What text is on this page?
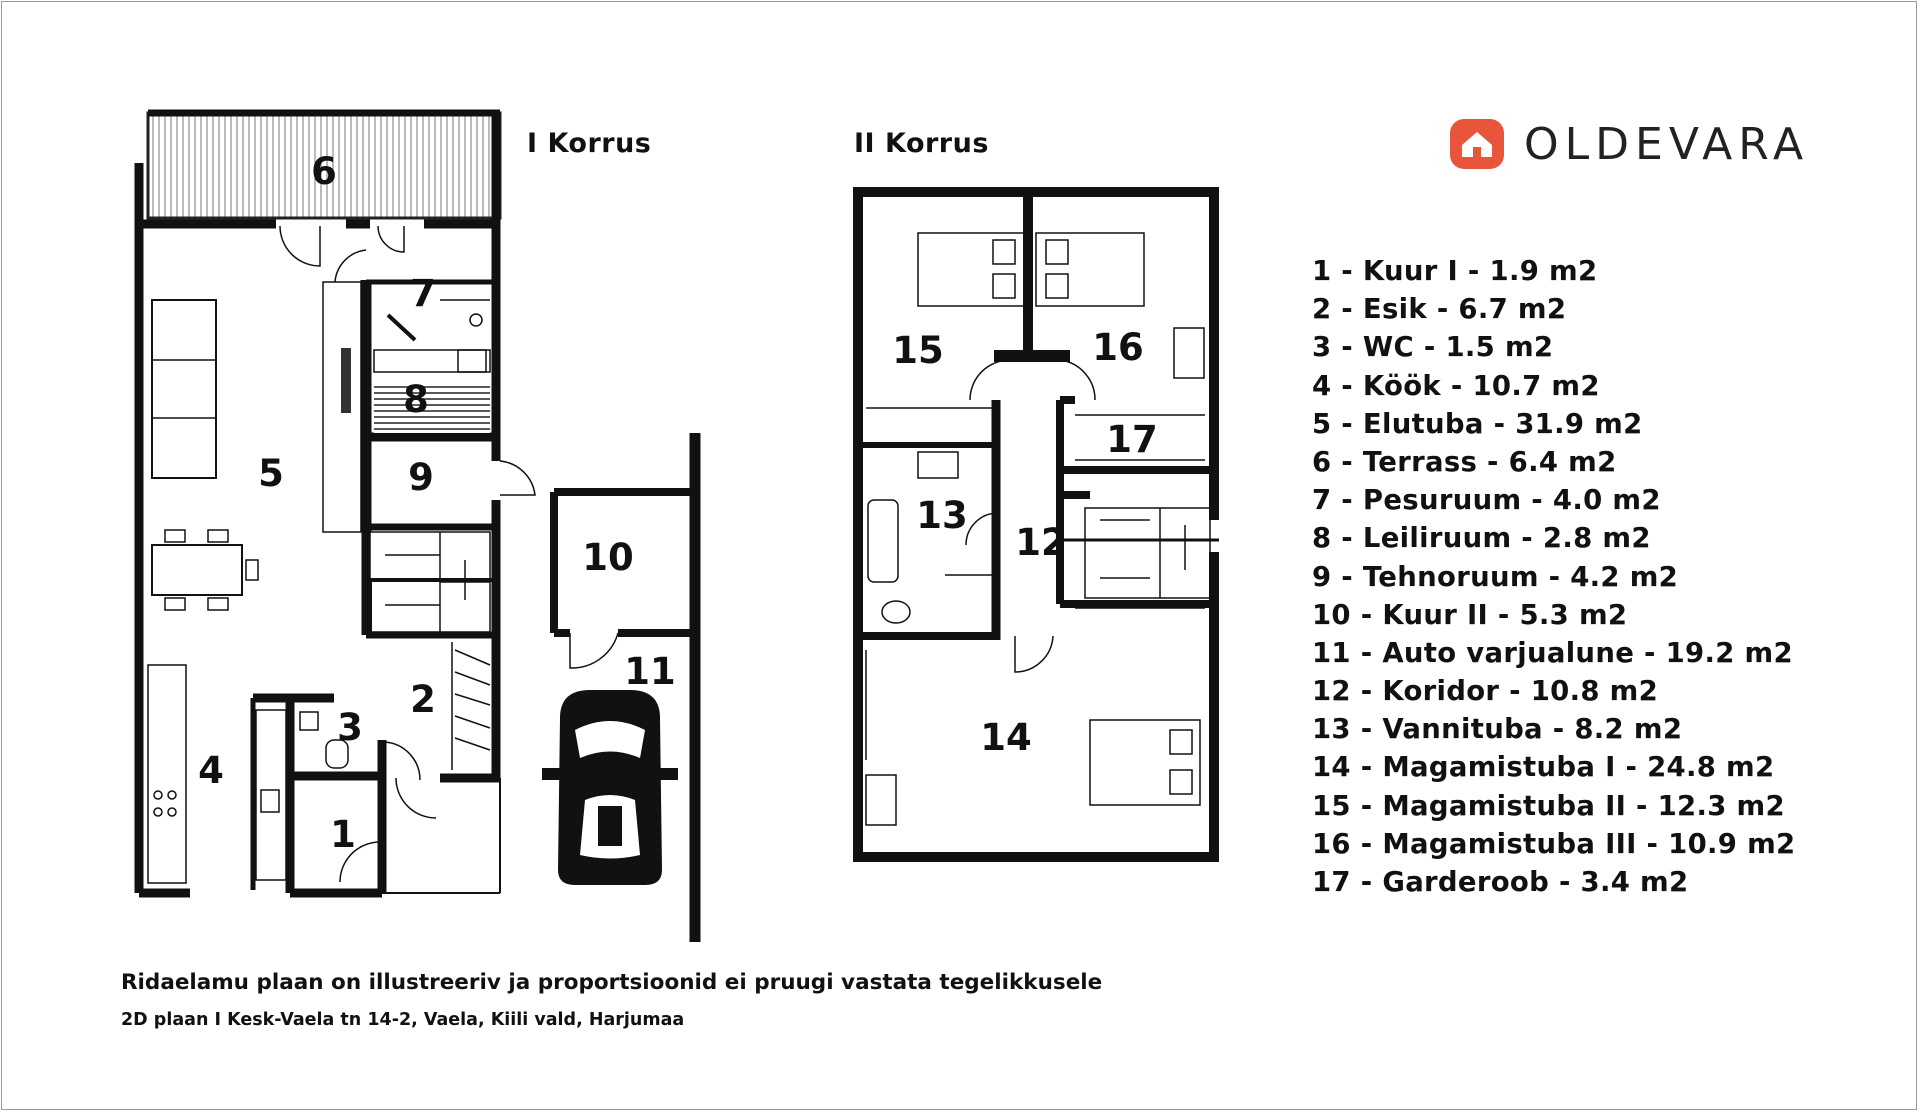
1
2
3
4
5
6
7
8
9
10
11
12
13
14
15	16
17
I Korrus	II Korrus	OLDEVARA
1 - Kuur I - 1.9 m2
2 - Esik - 6.7 m2
3 - WC - 1.5 m2
4 - Köök - 10.7 m2
5 - Elutuba - 31.9 m2
6 - Terrass - 6.4 m2
7 - Pesuruum - 4.0 m2
8 - Leiliruum - 2.8 m2
9 - Tehnoruum - 4.2 m2
10 - Kuur II - 5.3 m2
11 - Auto varjualune - 19.2 m2
12 - Koridor - 10.8 m2
13 - Vannituba - 8.2 m2
14 - Magamistuba I - 24.8 m2
15 - Magamistuba II - 12.3 m2
16 - Magamistuba III - 10.9 m2
17 - Garderoob - 3.4 m2
Ridaelamu plaan on illustreeriv ja proportsioonid ei pruugi vastata tegelikkusele
2D plaan I Kesk-Vaela tn 14-2, Vaela, Kiili vald, Harjumaa
